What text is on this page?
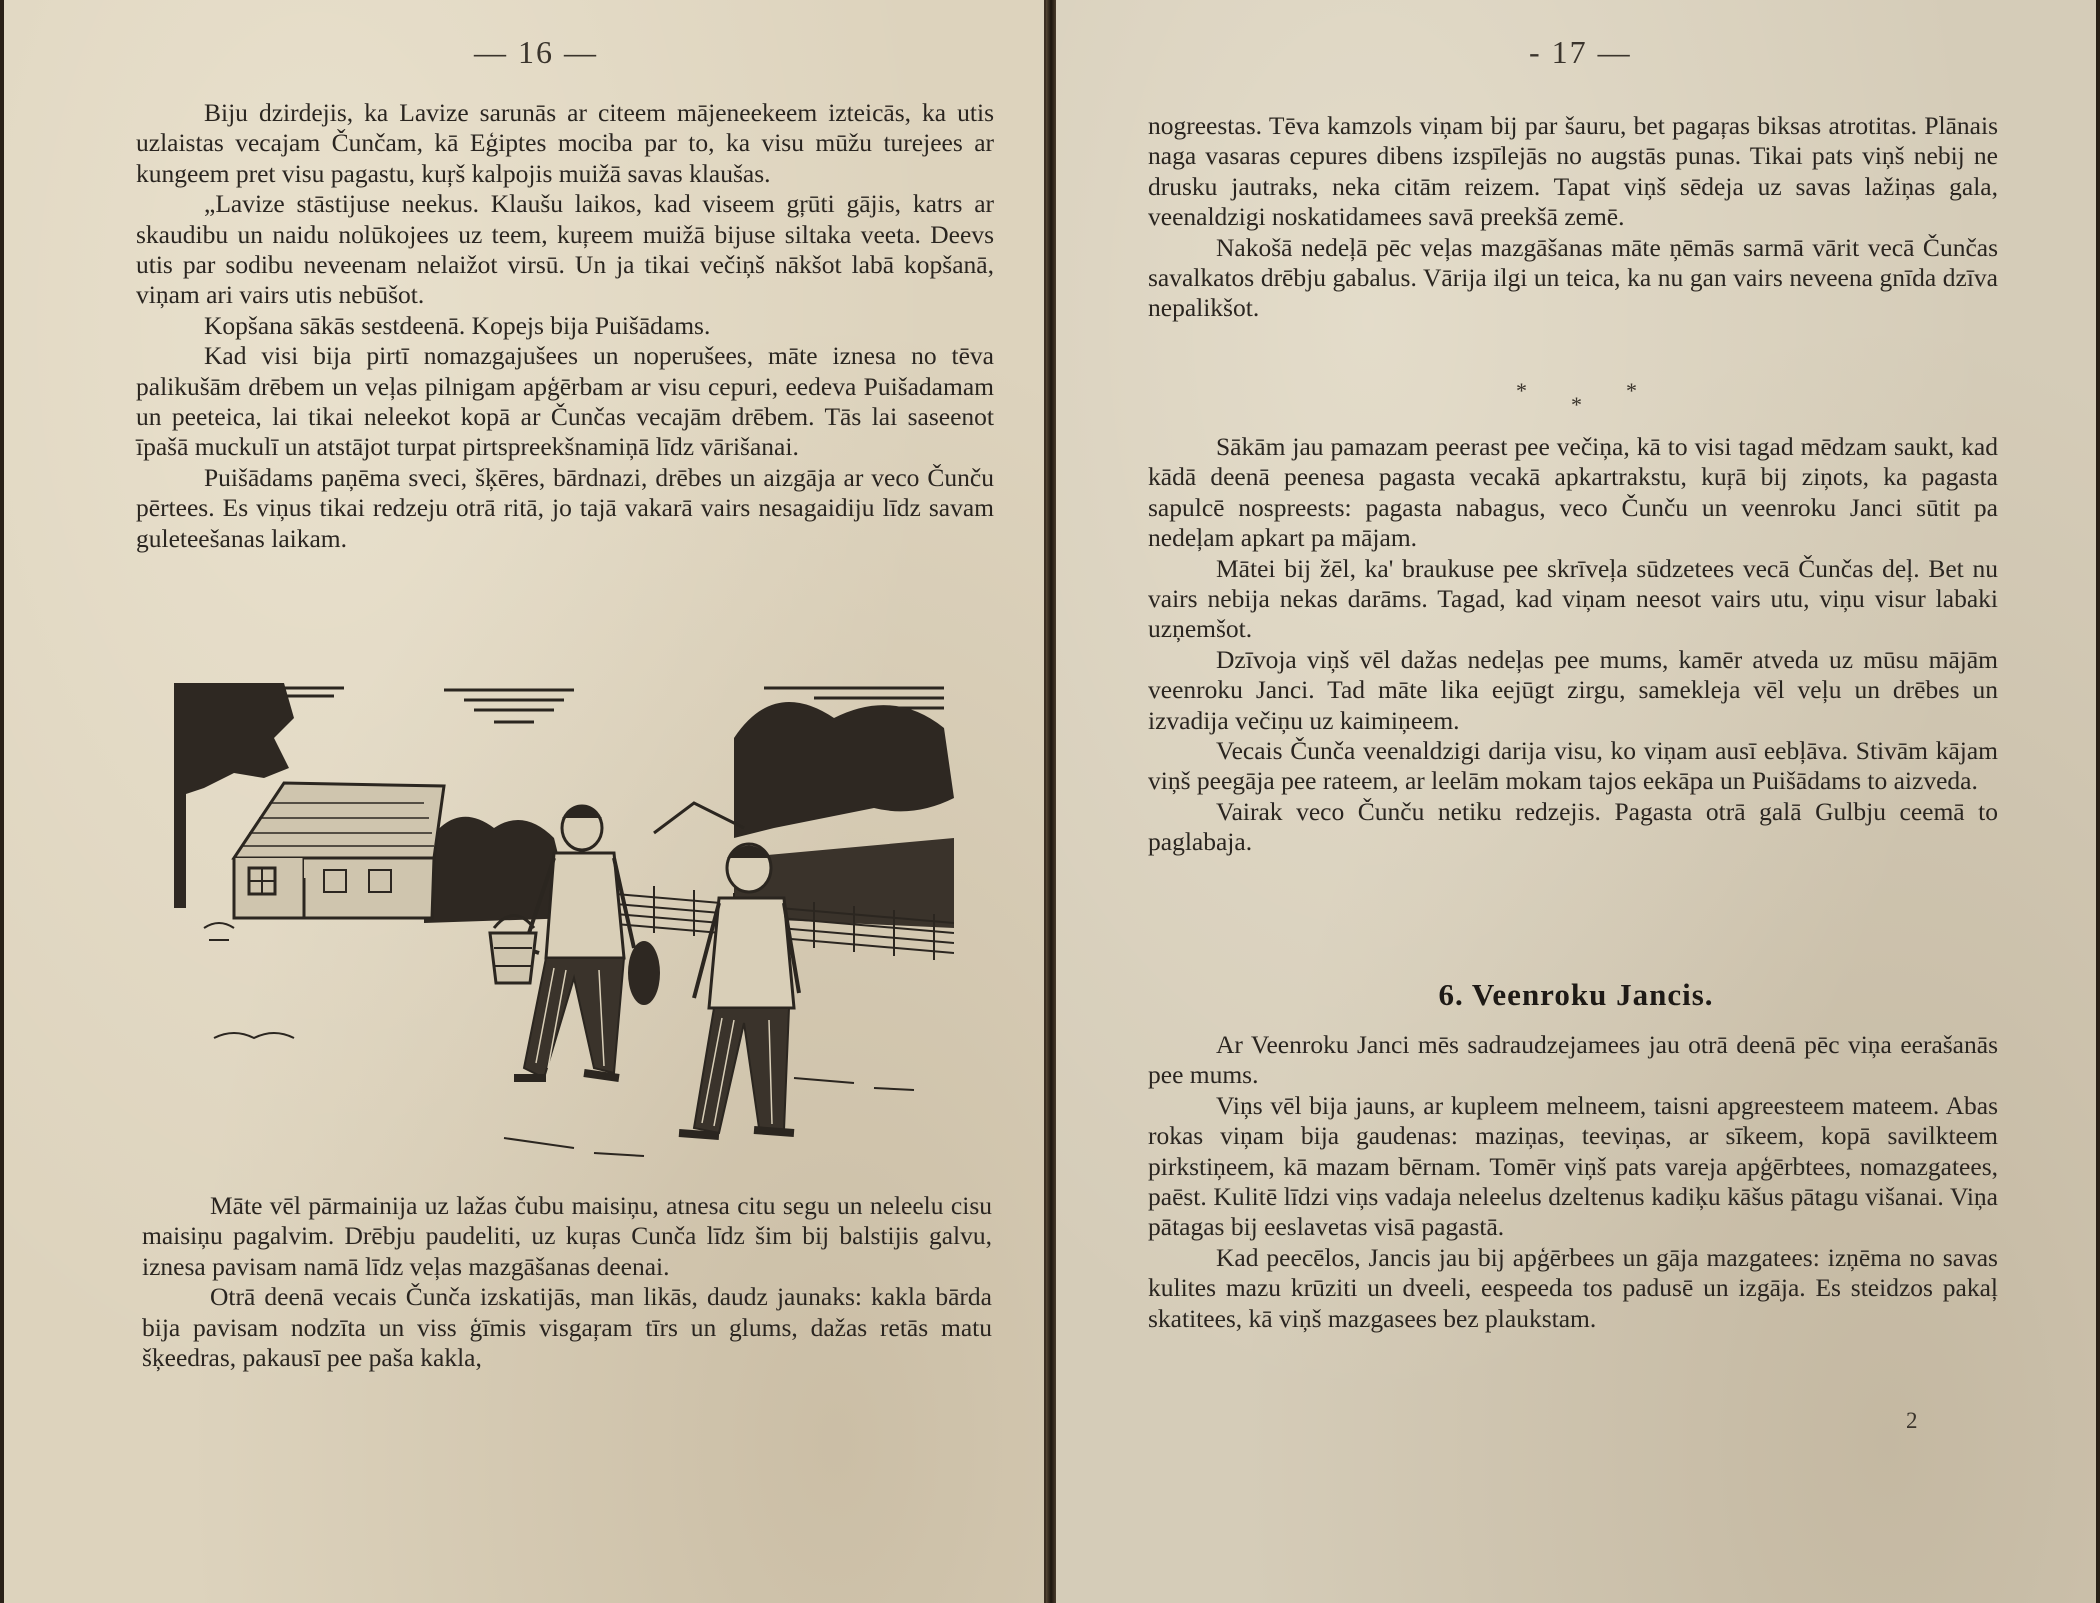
— 16 —

Biju dzirdejis, ka Lavize sarunās ar citeem mājeneekeem izteicās, ka utis uzlaistas vecajam Čunčam, kā Eģiptes mociba par to, ka visu mūžu turejees ar kungeem pret visu pagastu, kuŗš kalpojis muižā savas klaušas.

„Lavize stāstijuse neekus. Klaušu laikos, kad viseem gŗūti gājis, katrs ar skaudibu un naidu nolūkojees uz teem, kuŗeem muižā bijuse siltaka veeta. Deevs utis par sodibu neveenam nelaižot virsū. Un ja tikai večiņš nākšot labā kopšanā, viņam ari vairs utis nebūšot.

Kopšana sākās sestdeenā. Kopejs bija Puišādams.

Kad visi bija pirtī nomazgajušees un noperušees, māte iznesa no tēva palikušām drēbem un veļas pilnigam apģērbam ar visu cepuri, eedeva Puišadamam un peeteica, lai tikai neleekot kopā ar Čunčas vecajām drēbem. Tās lai saseenot īpašā muckulī un atstājot turpat pirtspreekšnamiņā līdz vārišanai.

Puišādams paņēma sveci, šķēres, bārdnazi, drēbes un aizgāja ar veco Čunču pērtees. Es viņus tikai redzeju otrā ritā, jo tajā vakarā vairs nesagaidiju līdz savam guleteešanas laikam.

Māte vēl pārmainija uz lažas čubu maisiņu, atnesa citu segu un neleelu cisu maisiņu pagalvim. Drēbju paudeliti, uz kuŗas Cunča līdz šim bij balstijis galvu, iznesa pavisam namā līdz veļas mazgāšanas deenai.

Otrā deenā vecais Čunča izskatijās, man likās, daudz jaunaks: kakla bārda bija pavisam nodzīta un viss ģīmis visgaŗam tīrs un glums, dažas retās matu šķeedras, pakausī pee paša kakla,

- 17 —

nogreestas. Tēva kamzols viņam bij par šauru, bet pagaŗas biksas atrotitas. Plānais naga vasaras cepures dibens izspīlejās no augstās punas. Tikai pats viņš nebij ne drusku jautraks, neka citām reizem. Tapat viņš sēdeja uz savas lažiņas gala, veenaldzigi noskatidamees savā preekšā zemē.

Nakošā nedeļā pēc veļas mazgāšanas māte ņēmās sarmā vārit vecā Čunčas savalkatos drēbju gabalus. Vārija ilgi un teica, ka nu gan vairs neveena gnīda dzīva nepalikšot.

*
*
*

Sākām jau pamazam peerast pee večiņa, kā to visi tagad mēdzam saukt, kad kādā deenā peenesa pagasta vecakā apkartrakstu, kuŗā bij ziņots, ka pagasta sapulcē nospreests: pagasta nabagus, veco Čunču un veenroku Janci sūtit pa nedeļam apkart pa mājam.

Mātei bij žēl, ka' braukuse pee skrīveļa sūdzetees vecā Čunčas deļ. Bet nu vairs nebija nekas darāms. Tagad, kad viņam neesot vairs utu, viņu visur labaki uzņemšot.

Dzīvoja viņš vēl dažas nedeļas pee mums, kamēr atveda uz mūsu mājām veenroku Janci. Tad māte lika eejūgt zirgu, samekleja vēl veļu un drēbes un izvadija večiņu uz kaimiņeem.

Vecais Čunča veenaldzigi darija visu, ko viņam ausī eebļāva. Stivām kājam viņš peegāja pee rateem, ar leelām mokam tajos eekāpa un Puišādams to aizveda.

Vairak veco Čunču netiku redzejis. Pagasta otrā galā Gulbju ceemā to paglabaja.

6. Veenroku Jancis.

Ar Veenroku Janci mēs sadraudzejamees jau otrā deenā pēc viņa eerašanās pee mums.

Viņs vēl bija jauns, ar kupleem melneem, taisni apgreesteem mateem. Abas rokas viņam bija gaudenas: maziņas, teeviņas, ar sīkeem, kopā savilkteem pirkstiņeem, kā mazam bērnam. Tomēr viņš pats vareja apģērbtees, nomazgatees, paēst. Kulitē līdzi viņs vadaja neleelus dzeltenus kadiķu kāšus pātagu višanai. Viņa pātagas bij eeslavetas visā pagastā.

Kad peecēlos, Jancis jau bij apģērbees un gāja mazgatees: izņēma no savas kulites mazu krūziti un dveeli, eespeeda tos padusē un izgāja. Es steidzos pakaļ skatitees, kā viņš mazgasees bez plaukstam.

2
